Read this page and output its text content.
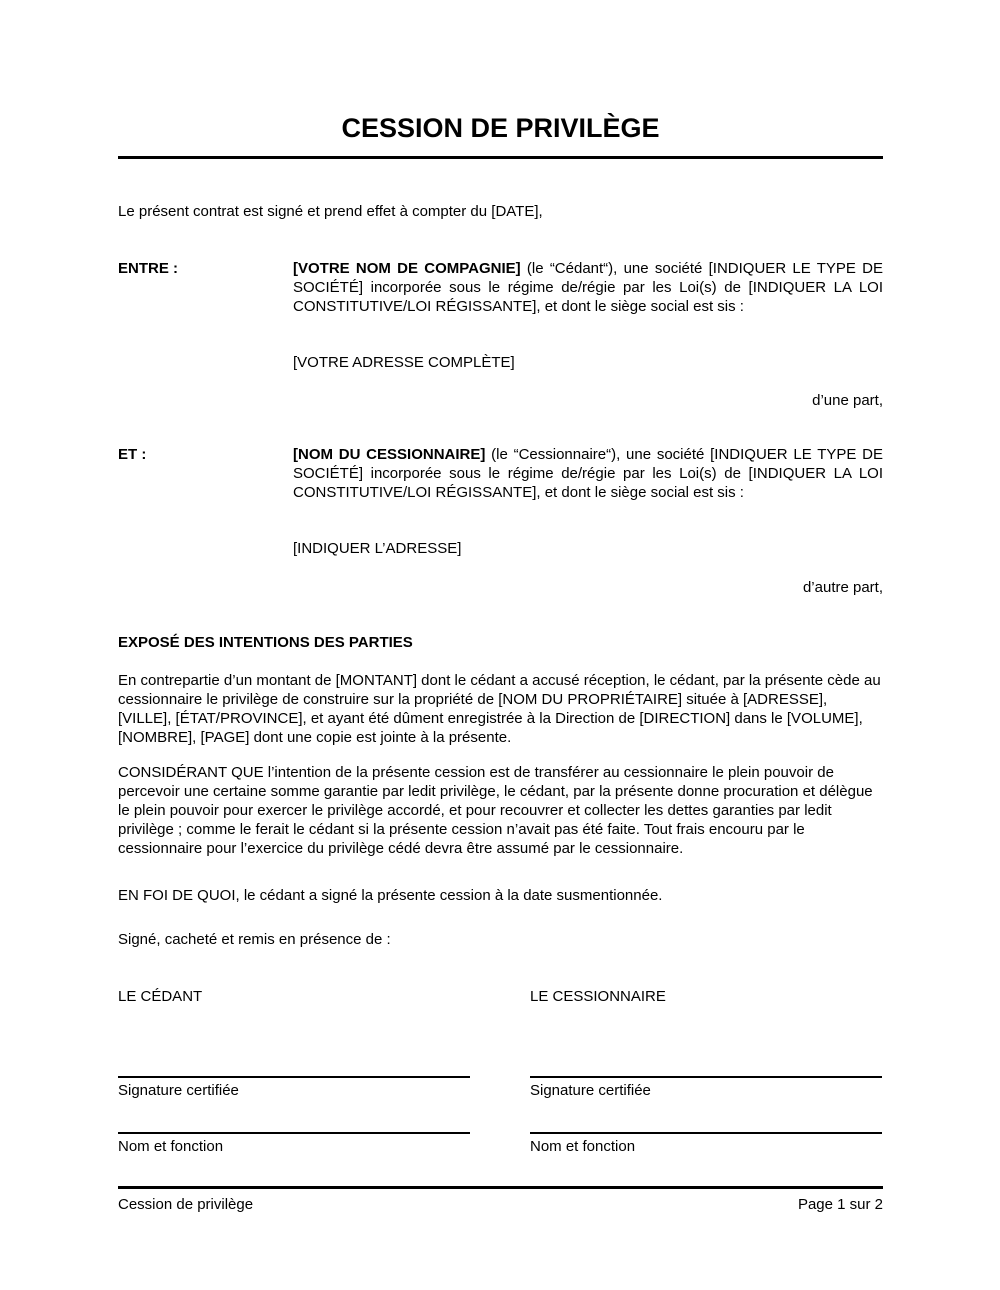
CESSION DE PRIVILÈGE
Le présent contrat est signé et prend effet à compter du [DATE],
ENTRE :	[VOTRE NOM DE COMPAGNIE] (le “Cédant“), une société [INDIQUER LE TYPE DE SOCIÉTÉ] incorporée sous le régime de/régie par les Loi(s) de [INDIQUER LA LOI CONSTITUTIVE/LOI RÉGISSANTE], et dont le siège social est sis :
[VOTRE ADRESSE COMPLÈTE]
d’une part,
ET :	[NOM DU CESSIONNAIRE] (le “Cessionnaire“), une société [INDIQUER LE TYPE DE SOCIÉTÉ] incorporée sous le régime de/régie par les Loi(s) de [INDIQUER LA LOI CONSTITUTIVE/LOI RÉGISSANTE], et dont le siège social est sis :
[INDIQUER L’ADRESSE]
d’autre part,
EXPOSÉ DES INTENTIONS DES PARTIES
En contrepartie d’un montant de [MONTANT] dont le cédant a accusé réception, le cédant, par la présente cède au cessionnaire le privilège de construire sur la propriété de [NOM DU PROPRIÉTAIRE] située à [ADRESSE], [VILLE], [ÉTAT/PROVINCE], et ayant été dûment enregistrée à la Direction de [DIRECTION] dans le [VOLUME], [NOMBRE], [PAGE] dont une copie est jointe à la présente.
CONSIDÉRANT QUE l’intention de la présente cession est de transférer au cessionnaire le plein pouvoir de percevoir une certaine somme garantie par ledit privilège, le cédant, par la présente donne procuration et délègue le plein pouvoir pour exercer le privilège accordé, et pour recouvrer et collecter les dettes garanties par ledit privilège ; comme le ferait le cédant si la présente cession n’avait pas été faite. Tout frais encouru par le cessionnaire pour l’exercice du privilège cédé devra être assumé par le cessionnaire.
EN FOI DE QUOI, le cédant a signé la présente cession à la date susmentionnée.
Signé, cacheté et remis en présence de :
LE CÉDANT	LE CESSIONNAIRE
Signature certifiée	Signature certifiée
Nom et fonction	Nom et fonction
Cession de privilège	Page 1 sur 2
